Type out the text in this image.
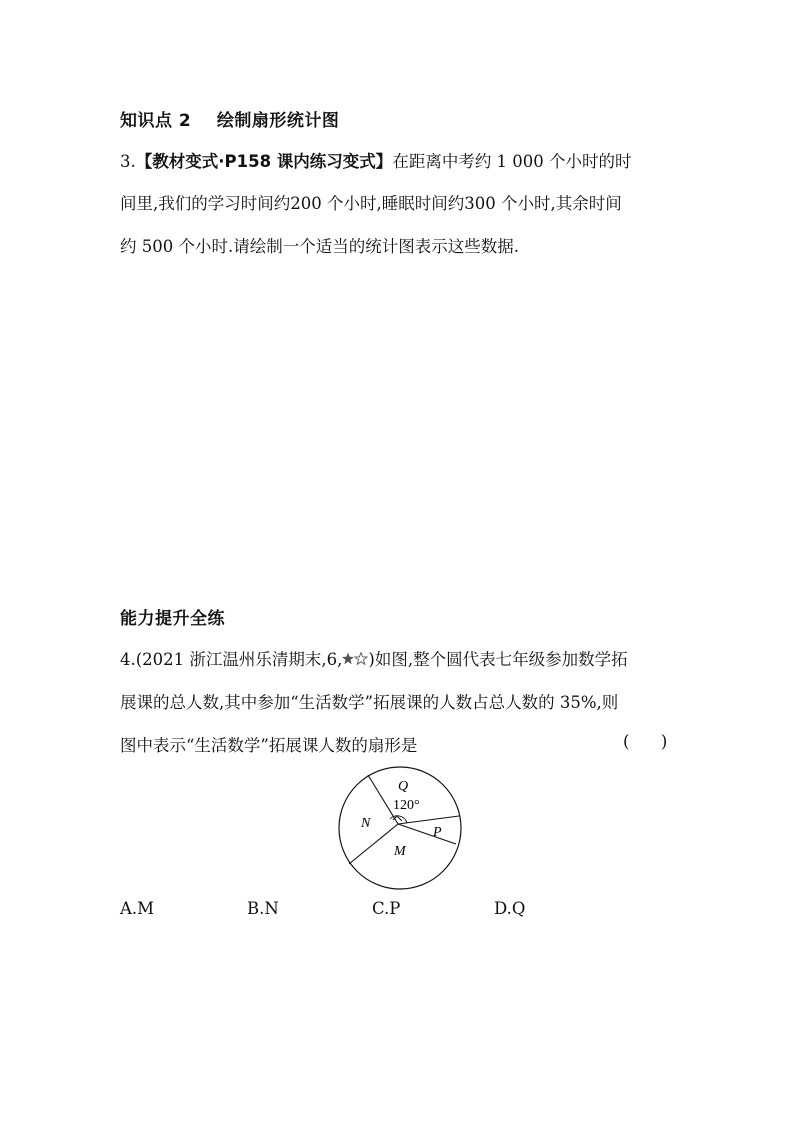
知识点 2    绘制扇形统计图
3.【教材变式·P158 课内练习变式】在距离中考约 1 000 个小时的时
间里,我们的学习时间约200 个小时,睡眠时间约300 个小时,其余时间
约 500 个小时.请绘制一个适当的统计图表示这些数据.
能力提升全练
4.(2021 浙江温州乐清期末,6, )如图,整个圆代表七年级参加数学拓
展课的总人数,其中参加“生活数学”拓展课的人数占总人数的 35%,则
图中表示“生活数学”拓展课人数的扇形是	(      )
Q
120°
N
P
M
A.M	B.N	C.P	D.Q
